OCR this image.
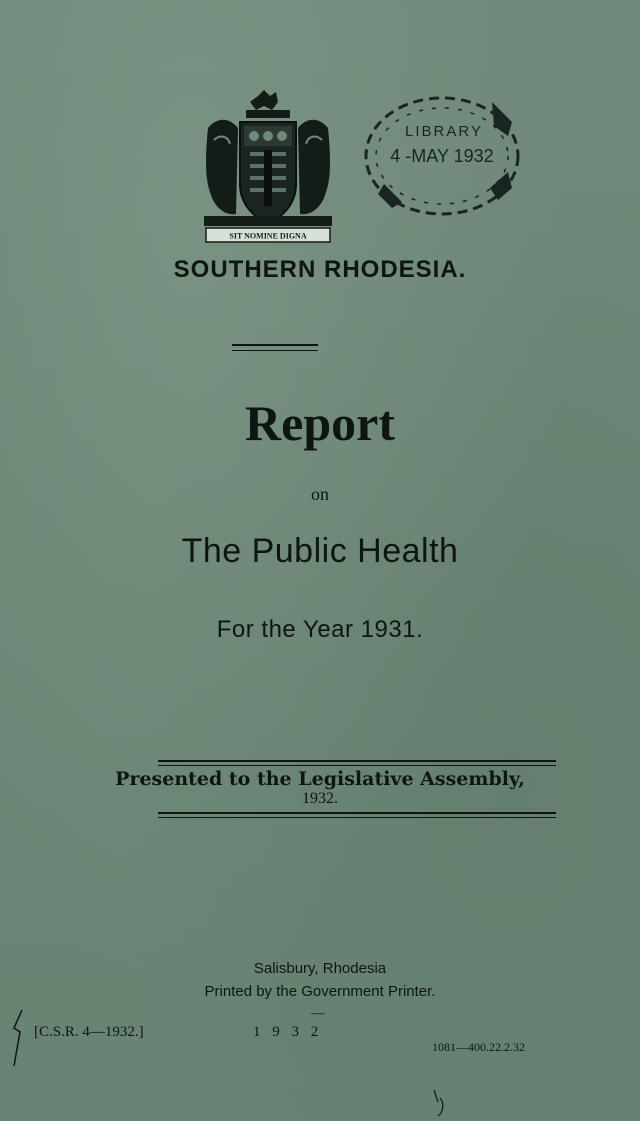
SIT NOMINE DIGNA
LIBRARY
4 -MAY 1932
SOUTHERN RHODESIA.
Report
on
The Public Health
For the Year 1931.
Presented to the Legislative Assembly,
1932.
Salisbury, Rhodesia
Printed by the Government Printer.
—
[C.S.R. 4—1932.]	1 9 3 2
1081—400.22.2.32
